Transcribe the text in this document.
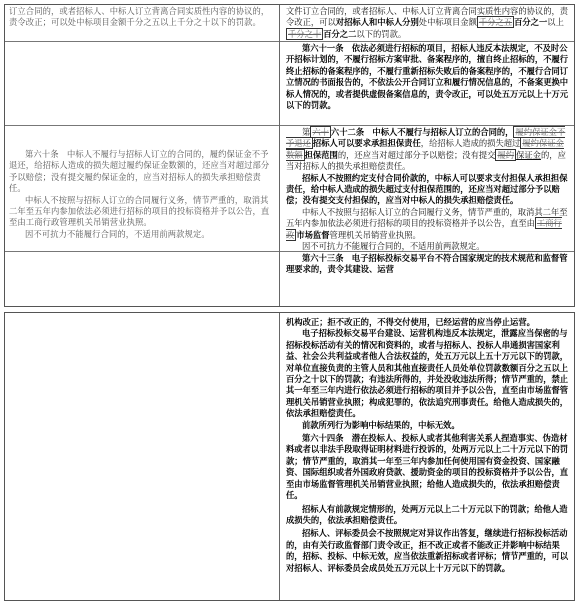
订立合同的，或者招标人、中标人订立背离合同实质性内容的协议的，责令改正；可以处中标项目金额千分之五以上千分之十以下的罚款。

第六十条　中标人不履行与招标人订立的合同的，履约保证金不予退还，给招标人造成的损失超过履约保证金数额的，还应当对超过部分予以赔偿；没有提交履约保证金的，应当对招标人的损失承担赔偿责任。

中标人不按照与招标人订立的合同履行义务，情节严重的，取消其二年至五年内参加依法必须进行招标的项目的投标资格并予以公告，直至由工商行政管理机关吊销营业执照。

因不可抗力不能履行合同的，不适用前两款规定。

文件订立合同的，或者招标人、中标人订立背离合同实质性内容的协议的，责令改正，可以对招标人和中标人分别处中标项目金额 千分之五 百分之一以上千分之十 百分之二以下的罚款。

第六十一条　依法必须进行招标的项目，招标人违反本法规定，不及时公开招标计划的，不履行招标方案审批、备案程序的，擅自终止招标的，不履行终止招标的备案程序的，不履行重新招标失败后的备案程序的，不履行合同订立情况的书面报告的，不依法公开合同订立和履行情况信息的，不备案更换中标人情况的，或者提供虚假备案信息的，责令改正，可以处五万元以上十万元以下的罚款。

第 六十 六十二条　中标人不履行与招标人订立的合同的， 履约保证金不予退还 招标人可以要求承担担保责任，给招标人造成的损失超过 履约保证金数额 担保范围的，还应当对超过部分予以赔偿；没有提交 履约 保证金的，应当对招标人的损失承担赔偿责任。

招标人不按照约定支付合同价款的，中标人可以要求支付担保人承担担保责任，给中标人造成的损失超过支付担保范围的，还应当对超过部分予以赔偿；没有提交支付担保的，应当对中标人的损失承担赔偿责任。

中标人不按照与招标人订立的合同履行义务，情节严重的，取消其二年至五年内参加依法必须进行招标的项目的投标资格并予以公告，直至由 工商行政 市场监督管理机关吊销营业执照。

因不可抗力不能履行合同的，不适用前两款规定。

第六十三条　电子招标投标交易平台不符合国家规定的技术规范和监督管理要求的，责令其建设、运营

机构改正；拒不改正的，不得交付使用，已经运营的应当停止运营。

电子招标投标交易平台建设、运营机构违反本法规定，泄露应当保密的与招标投标活动有关的情况和资料的，或者与招标人、投标人串通损害国家利益、社会公共利益或者他人合法权益的，处五万元以上五十万元以下的罚款，对单位直接负责的主管人员和其他直接责任人员处单位罚款数额百分之五以上百分之十以下的罚款；有违法所得的，并处没收违法所得；情节严重的，禁止其一年至三年内进行依法必须进行招标的项目并予以公告，直至由市场监督管理机关吊销营业执照；构成犯罪的，依法追究刑事责任。给他人造成损失的，依法承担赔偿责任。

前款所列行为影响中标结果的，中标无效。

第六十四条　潜在投标人、投标人或者其他利害关系人捏造事实、伪造材料或者以非法手段取得证明材料进行投诉的，处两万元以上二十万元以下的罚款；情节严重的，取消其一年至三年内参加任何使用国有资金投资、国家融资、国际组织或者外国政府贷款、援助资金的项目的投标资格并予以公告，直至由市场监督管理机关吊销营业执照；给他人造成损失的，依法承担赔偿责任。

招标人有前款规定情形的，处两万元以上二十万元以下的罚款；给他人造成损失的，依法承担赔偿责任。

招标人、评标委员会不按照规定对异议作出答复，继续进行招标投标活动的，由有关行政监督部门责令改正，拒不改正或者不能改正并影响中标结果的，招标、投标、中标无效，应当依法重新招标或者评标；情节严重的，可以对招标人、评标委员会成员处五万元以上十万元以下的罚款。
